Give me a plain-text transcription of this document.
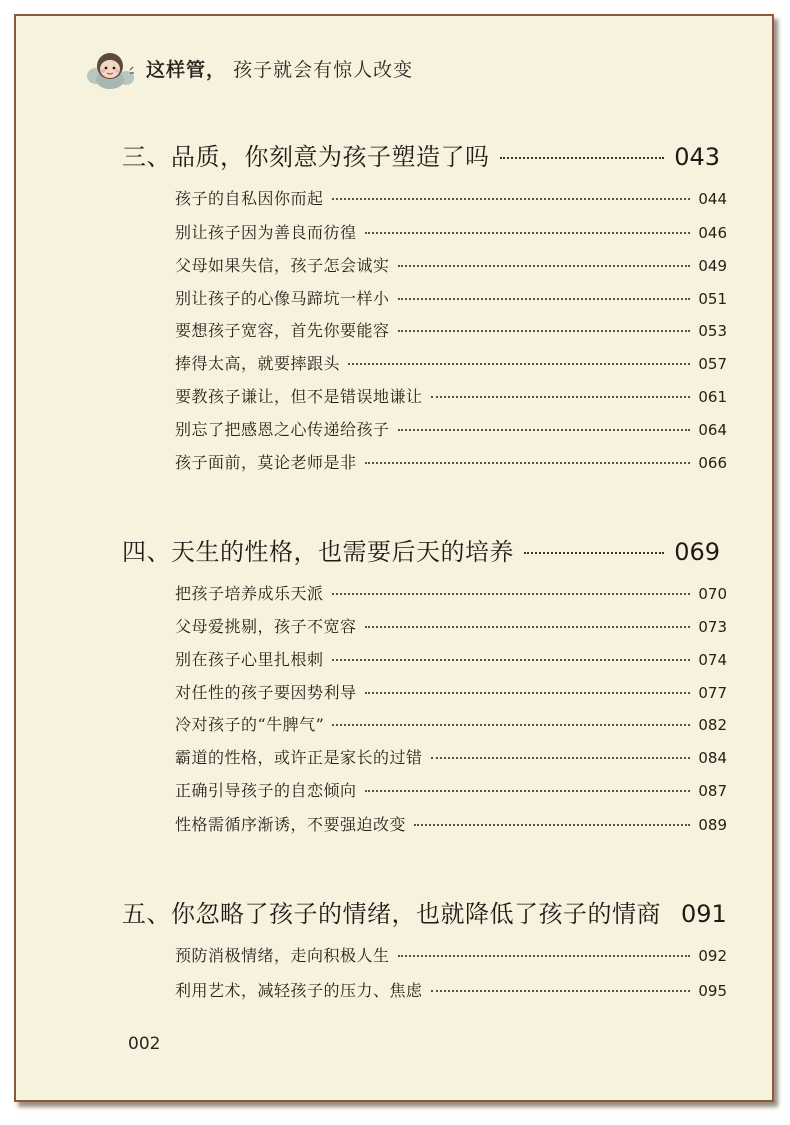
这样管， 孩子就会有惊人改变
三、品质，你刻意为孩子塑造了吗	043
孩子的自私因你而起	044
别让孩子因为善良而彷徨	046
父母如果失信，孩子怎会诚实	049
别让孩子的心像马蹄坑一样小	051
要想孩子宽容，首先你要能容	053
捧得太高，就要摔跟头	057
要教孩子谦让，但不是错误地谦让	061
别忘了把感恩之心传递给孩子	064
孩子面前，莫论老师是非	066
四、天生的性格，也需要后天的培养	069
把孩子培养成乐天派	070
父母爱挑剔，孩子不宽容	073
别在孩子心里扎根刺	074
对任性的孩子要因势利导	077
冷对孩子的“牛脾气”	082
霸道的性格，或许正是家长的过错	084
正确引导孩子的自恋倾向	087
性格需循序渐诱，不要强迫改变	089
五、你忽略了孩子的情绪，也就降低了孩子的情商 091
预防消极情绪，走向积极人生	092
利用艺术，减轻孩子的压力、焦虑	095
002
